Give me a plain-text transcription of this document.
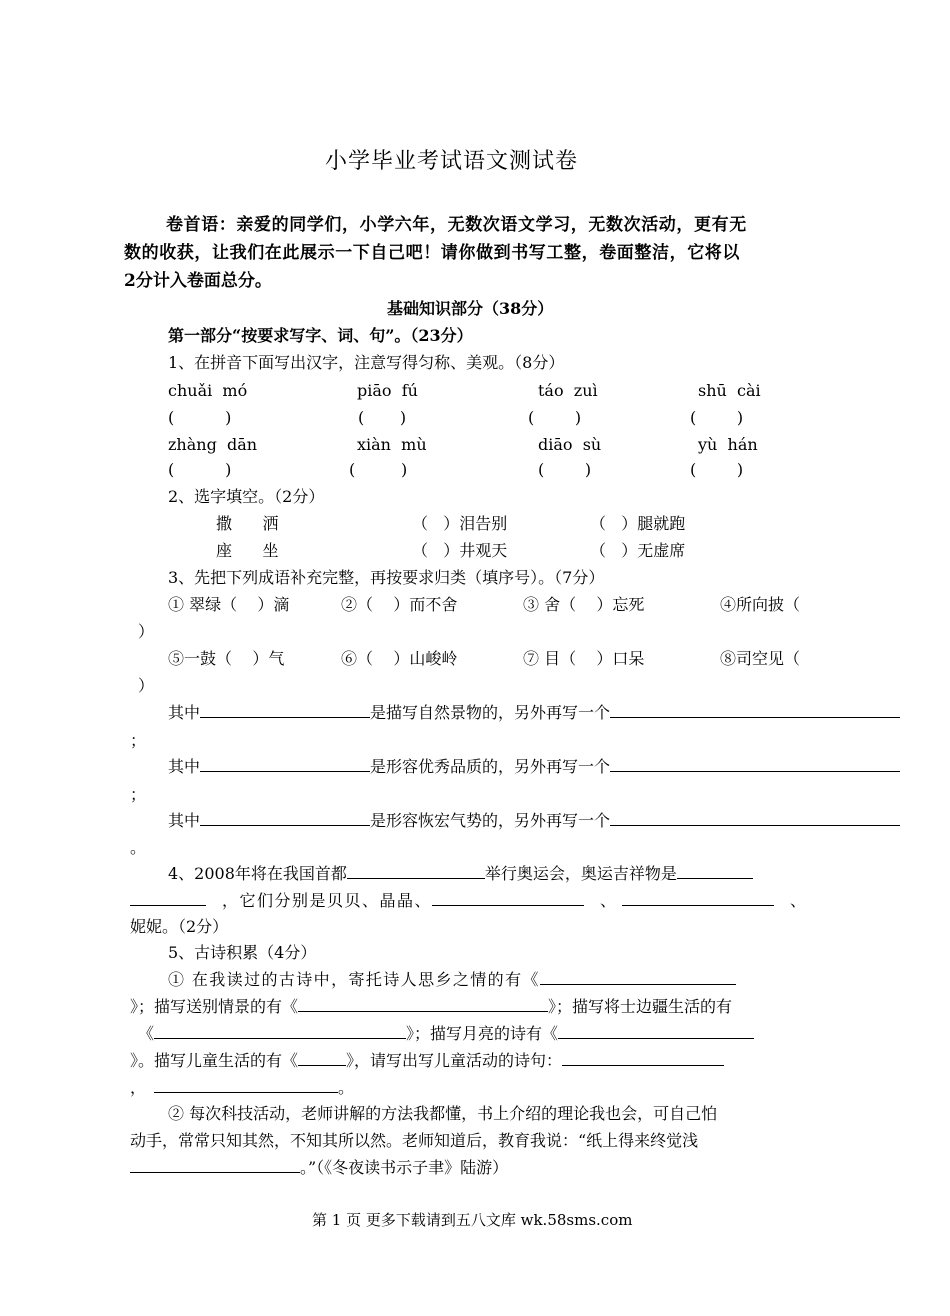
小学毕业考试语文测试卷
卷首语：亲爱的同学们，小学六年，无数次语文学习，无数次活动，更有无
数的收获，让我们在此展示一下自己吧！请你做到书写工整，卷面整洁，它将以
2分计入卷面总分。
基础知识部分（38分）
第一部分“按要求写字、词、句”。（23分）
1、在拼音下面写出汉字，注意写得匀称、美观。（8分）
chuǎi  mó	piāo  fú	táo  zuì	shū  cài
(          )	(       )	(        )	(        )
zhàng  dān	xiàn  mù	diāo  sù	yù  hán
(          )	(         )	(        )	(        )
2、选字填空。（2分）
撒      洒	（   ）泪告别	（   ）腿就跑
座      坐	（   ）井观天	（   ）无虚席
3、先把下列成语补充完整，再按要求归类（填序号）。（7分）
① 翠绿（    ）滴	②（    ）而不舍	③ 舍（    ）忘死	④所向披（
）
⑤一鼓（    ）气	⑥（    ）山峻岭	⑦ 目（    ）口呆	⑧司空见（
）
其中	是描写自然景物的，另外再写一个
；
其中	是形容优秀品质的，另外再写一个
；
其中	是形容恢宏气势的，另外再写一个
。
4、2008年将在我国首都	举行奥运会，奥运吉祥物是
，它们分别是贝贝、晶晶、	、	、
妮妮。（2分）
5、古诗积累（4分）
① 在我读过的古诗中，寄托诗人思乡之情的有《
》；描写送别情景的有《	》；描写将士边疆生活的有
《	》；描写月亮的诗有《
》。描写儿童生活的有《	》，请写出写儿童活动的诗句：
，	。
② 每次科技活动，老师讲解的方法我都懂，书上介绍的理论我也会，可自己怕
动手，常常只知其然，不知其所以然。老师知道后，教育我说：“纸上得来终觉浅
。”（《冬夜读书示子聿》陆游）
第 1 页 更多下载请到五八文库 wk.58sms.com
